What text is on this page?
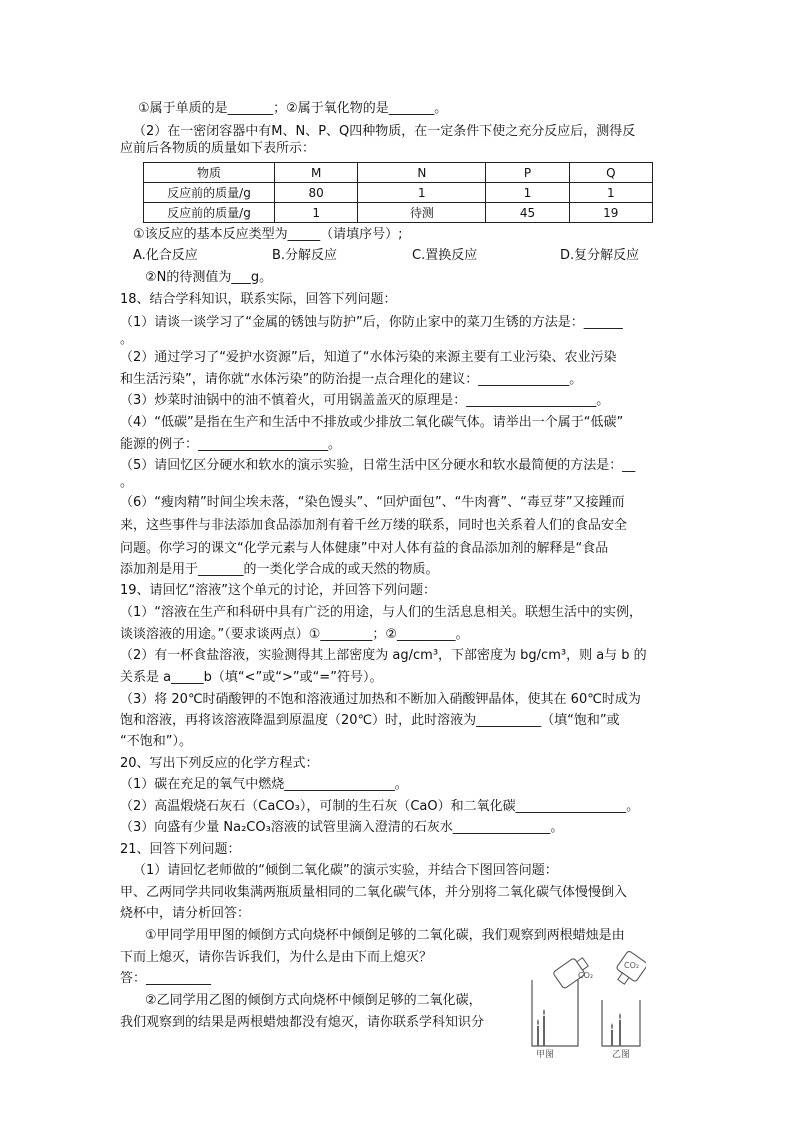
①属于单质的是_______；②属于氧化物的是_______。
（2）在一密闭容器中有M、N、P、Q四种物质，在一定条件下使之充分反应后，测得反
应前后各物质的质量如下表所示：
物质	M	N	P	Q
反应前的质量/g	80	1	1	1
反应前的质量/g	1	待测	45	19
①该反应的基本反应类型为_____（请填序号）;
A.化合反应	B.分解反应	C.置换反应	D.复分解反应
②N的待测值为___g。
18、结合学科知识，联系实际，回答下列问题：
（1）请谈一谈学习了“金属的锈蚀与防护”后，你防止家中的菜刀生锈的方法是：______
。
（2）通过学习了“爱护水资源”后，知道了“水体污染的来源主要有工业污染、农业污染
和生活污染”，请你就“水体污染”的防治提一点合理化的建议：______________。
（3）炒菜时油锅中的油不慎着火，可用锅盖盖灭的原理是：____________________。
（4）“低碳”是指在生产和生活中不排放或少排放二氧化碳气体。请举出一个属于“低碳”
能源的例子：____________________。
（5）请回忆区分硬水和软水的演示实验，日常生活中区分硬水和软水最简便的方法是：__
。
（6）“瘦肉精”时间尘埃未落，“染色馒头”、“回炉面包”、“牛肉膏”、“毒豆芽”又接踵而
来，这些事件与非法添加食品添加剂有着千丝万缕的联系，同时也关系着人们的食品安全
问题。你学习的课文“化学元素与人体健康”中对人体有益的食品添加剂的解释是“食品
添加剂是用于_______的一类化学合成的或天然的物质。
19、请回忆“溶液”这个单元的讨论，并回答下列问题：
（1）“溶液在生产和科研中具有广泛的用途，与人们的生活息息相关。联想生活中的实例，
谈谈溶液的用途。”（要求谈两点）①________；②_________。
（2）有一杯食盐溶液，实验测得其上部密度为 ag/cm³，下部密度为 bg/cm³，则 a与 b 的
关系是 a_____b（填“<”或“>”或“=”符号）。
（3）将 20℃时硝酸钾的不饱和溶液通过加热和不断加入硝酸钾晶体，使其在 60℃时成为
饱和溶液，再将该溶液降温到原温度（20℃）时，此时溶液为__________（填“饱和”或
“不饱和”）。
20、写出下列反应的化学方程式：
（1）碳在充足的氧气中燃烧_________________。
（2）高温煅烧石灰石（CaCO₃），可制的生石灰（CaO）和二氧化碳_________________。
（3）向盛有少量 Na₂CO₃溶液的试管里滴入澄清的石灰水_______________。
21、回答下列问题：
（1）请回忆老师做的“倾倒二氧化碳”的演示实验，并结合下图回答问题：
甲、乙两同学共同收集满两瓶质量相同的二氧化碳气体，并分别将二氧化碳气体慢慢倒入
烧杯中，请分析回答：
①甲同学用甲图的倾倒方式向烧杯中倾倒足够的二氧化碳，我们观察到两根蜡烛是由
下而上熄灭，请你告诉我们，为什么是由下而上熄灭？
答：__________
②乙同学用乙图的倾倒方式向烧杯中倾倒足够的二氧化碳，
我们观察到的结果是两根蜡烛都没有熄灭，请你联系学科知识分
CO₂
CO₂
甲图	乙图
